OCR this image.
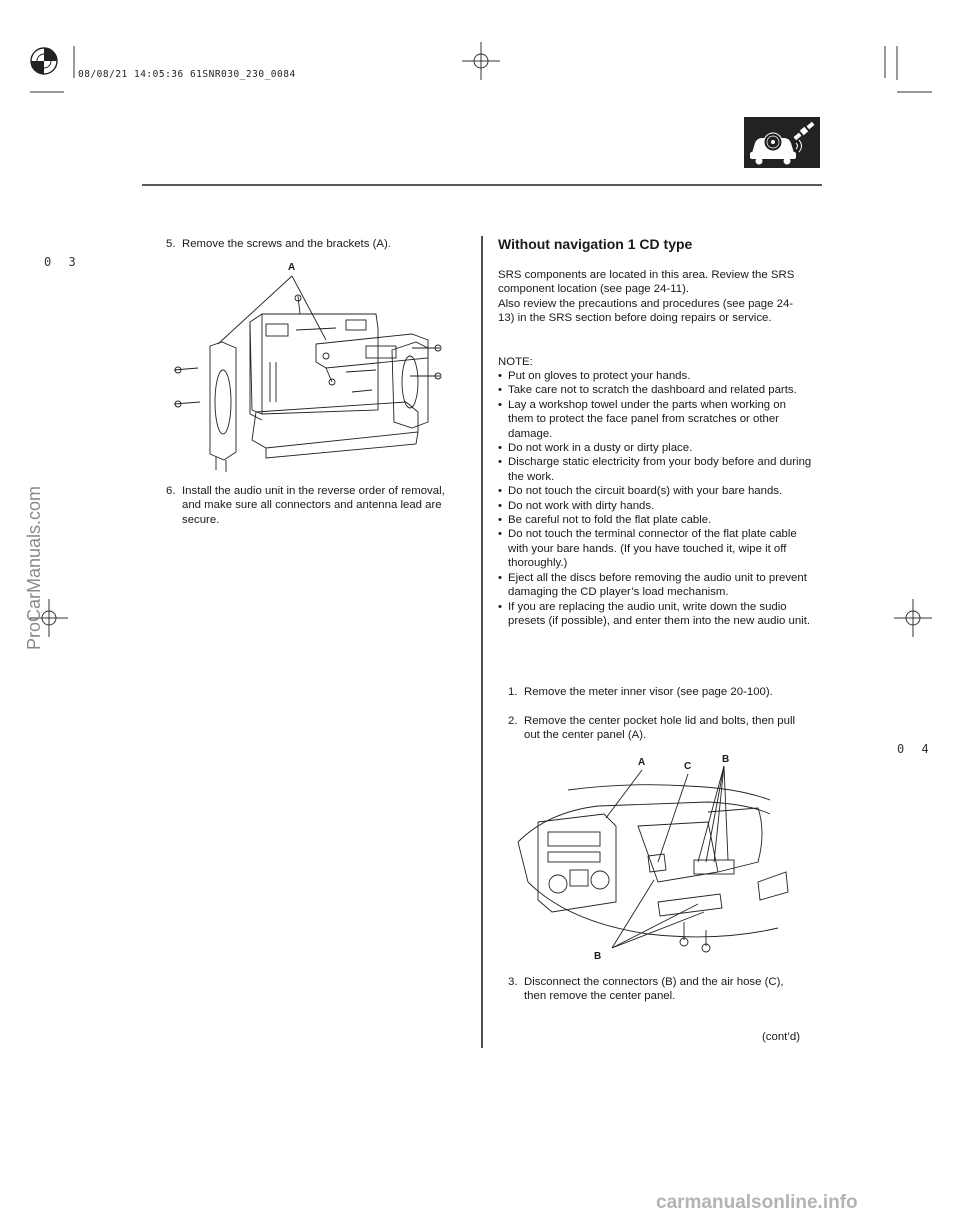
08/08/21 14:05:36 61SNR030_230_0084
0 3
0 4
ProCarManuals.com
carmanualsonline.info
5. Remove the screws and the brackets (A).
A
6. Install the audio unit in the reverse order of removal, and make sure all connectors and antenna lead are secure.
Without navigation 1 CD type
SRS components are located in this area. Review the SRS component location (see page 24-11).
Also review the precautions and procedures (see page 24-13) in the SRS section before doing repairs or service.
NOTE:
• Put on gloves to protect your hands.
• Take care not to scratch the dashboard and related parts.
• Lay a workshop towel under the parts when working on them to protect the face panel from scratches or other damage.
• Do not work in a dusty or dirty place.
• Discharge static electricity from your body before and during the work.
• Do not touch the circuit board(s) with your bare hands.
• Do not work with dirty hands.
• Be careful not to fold the flat plate cable.
• Do not touch the terminal connector of the flat plate cable with your bare hands. (If you have touched it, wipe it off thoroughly.)
• Eject all the discs before removing the audio unit to prevent damaging the CD player’s load mechanism.
• If you are replacing the audio unit, write down the sudio presets (if possible), and enter them into the new audio unit.
1. Remove the meter inner visor (see page 20-100).
2. Remove the center pocket hole lid and bolts, then pull out the center panel (A).
A	C
B
B
3. Disconnect the connectors (B) and the air hose (C), then remove the center panel.
(cont’d)
